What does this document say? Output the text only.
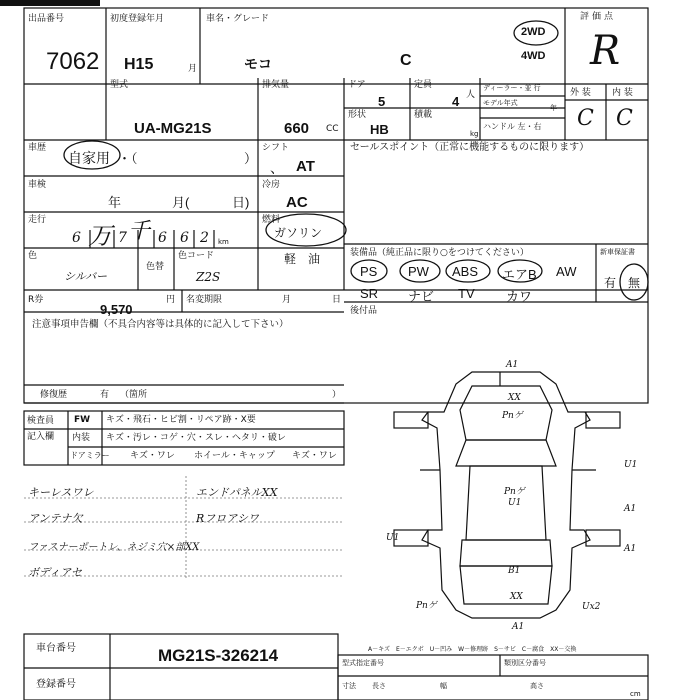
出品番号
7062
初度登録年月
H15	月
車名・グレード
モコ	C
2WD
4WD
評価点
R
型式
UA-MG21S
排気量
660 CC
ドア
5
定員
4 人
形状
HB
積載
kg
ディーラー・並 行
モデル年式
年
ハンドル 左・右
外 装 内 装
C C
車歴
自家用 ・（	）
シフト
、 AT
セールスポイント（正常に機能するものに限ります）
車検
年	月(	日)
冷房
AC
走行
6 万 7 千 6 6 2 km
燃料
ガソリン
軽　油
色
シルバー
色替
色コード
Z2S
装備品（純正品に限り○をつけてください）
PS PW ABS エアB AW
SR ナビ TV カワ
新車保証書
有 無
R券
9,570
円 名変期限	月	日
後付品
注意事項申告欄（不具合内容等は具体的に記入して下さい）
修復歴	有 （箇所	）
検査員
記入欄
FW キズ・飛石・ヒビ割・リペア跡・X要
内装 キズ・汚レ・コゲ・穴・スレ・ヘタリ・破レ
ドアミラー キズ・ワレ ホイール・キャップ キズ・ワレ
キーレスワレ
アンテナ欠
ファスナーポートレ、ネジミ穴×部XX
ボディアセ
エンドパネルXX
Rフロアシワ
A1
XX
Pnゲ
U1
A1
Pnゲ
U1
U1
A1
B1
XX
Pnゲ
A1
Ux2
A－キズ　E－エクボ　U－凹み　W－修理跡　S－サビ　C－腐食　XX－交換
型式指定番号	類別区分番号
車台番号	MG21S-326214
登録番号	寸法 長さ	幅	高さ
cm
